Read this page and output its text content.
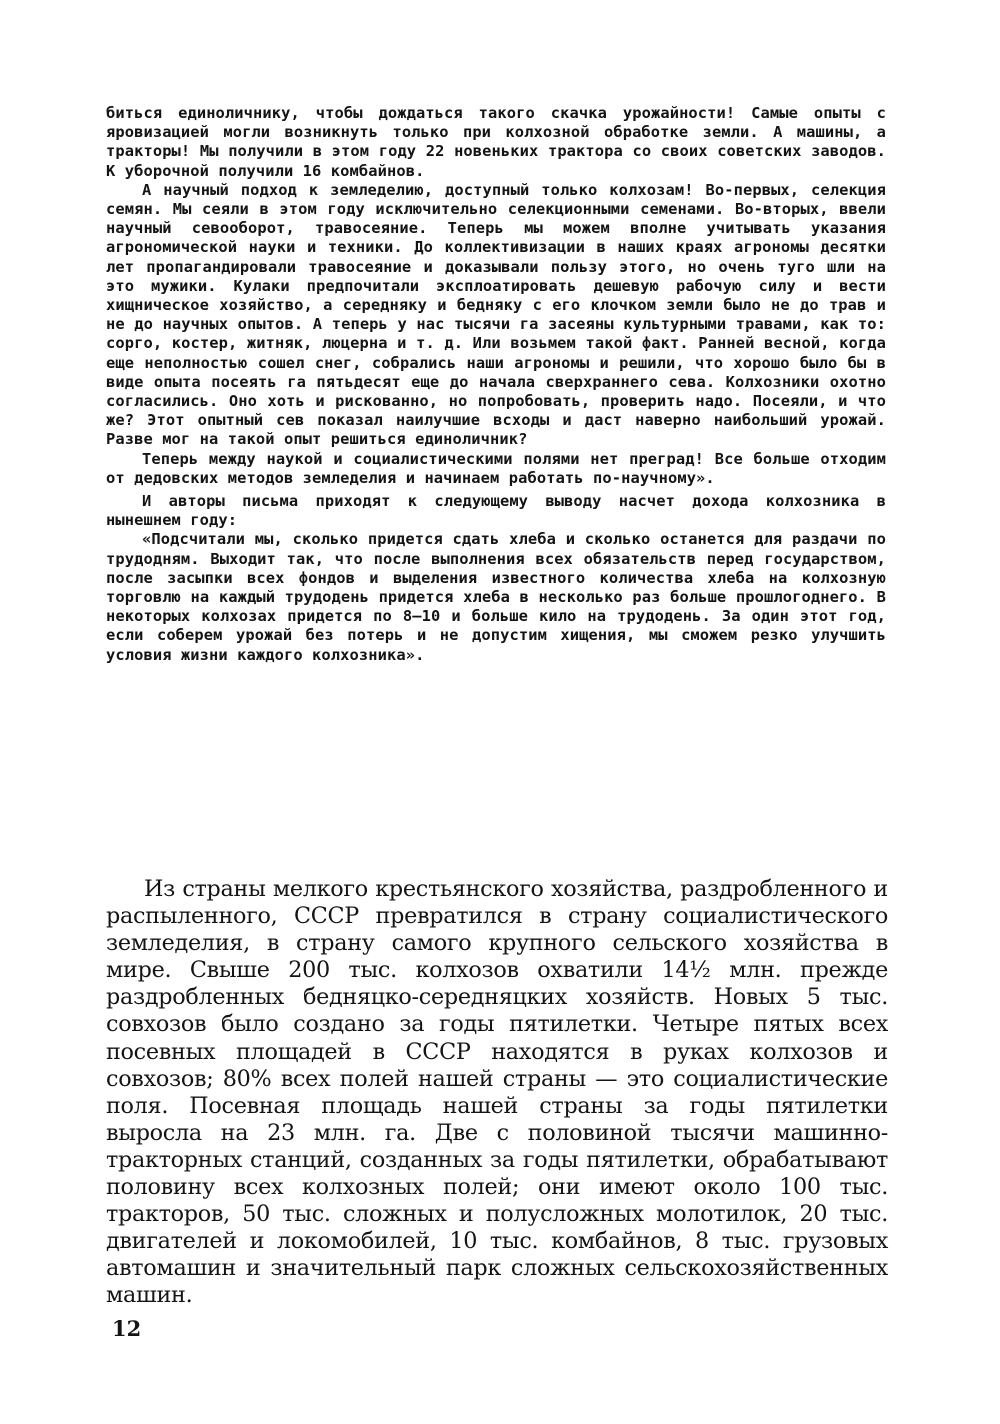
биться единоличнику, чтобы дождаться такого скачка урожайности! Самые опыты с яровизацией могли возникнуть только при колхозной обработке земли. А машины, а тракторы! Мы получили в этом году 22 новеньких трактора со своих советских заводов. К уборочной получили 16 комбайнов.

А научный подход к земледелию, доступный только колхозам! Во-первых, селекция семян. Мы сеяли в этом году исключительно селекционными семенами. Во-вторых, ввели научный севооборот, травосеяние. Теперь мы можем вполне учитывать указания агрономической науки и техники. До коллективизации в наших краях агрономы десятки лет пропагандировали травосеяние и доказывали пользу этого, но очень туго шли на это мужики. Кулаки предпочитали эксплоатировать дешевую рабочую силу и вести хищническое хозяйство, а середняку и бедняку с его клочком земли было не до трав и не до научных опытов. А теперь у нас тысячи га засеяны культурными травами, как то: сорго, костер, житняк, люцерна и т. д. Или возьмем такой факт. Ранней весной, когда еще неполностью сошел снег, собрались наши агрономы и решили, что хорошо было бы в виде опыта посеять га пятьдесят еще до начала сверхраннего сева. Колхозники охотно согласились. Оно хоть и рискованно, но попробовать, проверить надо. Посеяли, и что же? Этот опытный сев показал наилучшие всходы и даст наверно наибольший урожай. Разве мог на такой опыт решиться единоличник?

Теперь между наукой и социалистическими полями нет преград! Все больше отходим от дедовских методов земледелия и начинаем работать по-научному».

И авторы письма приходят к следующему выводу насчет дохода колхозника в нынешнем году:

«Подсчитали мы, сколько придется сдать хлеба и сколько останется для раздачи по трудодням. Выходит так, что после выполнения всех обязательств перед государством, после засыпки всех фондов и выделения известного количества хлеба на колхозную торговлю на каждый трудодень придется хлеба в несколько раз больше прошлогоднего. В некоторых колхозах придется по 8—10 и больше кило на трудодень. За один этот год, если соберем урожай без потерь и не допустим хищения, мы сможем резко улучшить условия жизни каждого колхозника».

Из страны мелкого крестьянского хозяйства, раздробленного и распыленного, СССР превратился в страну социалистического земледелия, в страну самого крупного сельского хозяйства в мире. Свыше 200 тыс. колхозов охватили 14½ млн. прежде раздробленных бедняцко-середняцких хозяйств. Новых 5 тыс. совхозов было создано за годы пятилетки. Четыре пятых всех посевных площадей в СССР находятся в руках колхозов и совхозов; 80% всех полей нашей страны — это социалистические поля. Посевная площадь нашей страны за годы пятилетки выросла на 23 млн. га. Две с половиной тысячи машинно-тракторных станций, созданных за годы пятилетки, обрабатывают половину всех колхозных полей; они имеют около 100 тыс. тракторов, 50 тыс. сложных и полусложных молотилок, 20 тыс. двигателей и локомобилей, 10 тыс. комбайнов, 8 тыс. грузовых автомашин и значительный парк сложных сельскохозяйственных машин.

12
